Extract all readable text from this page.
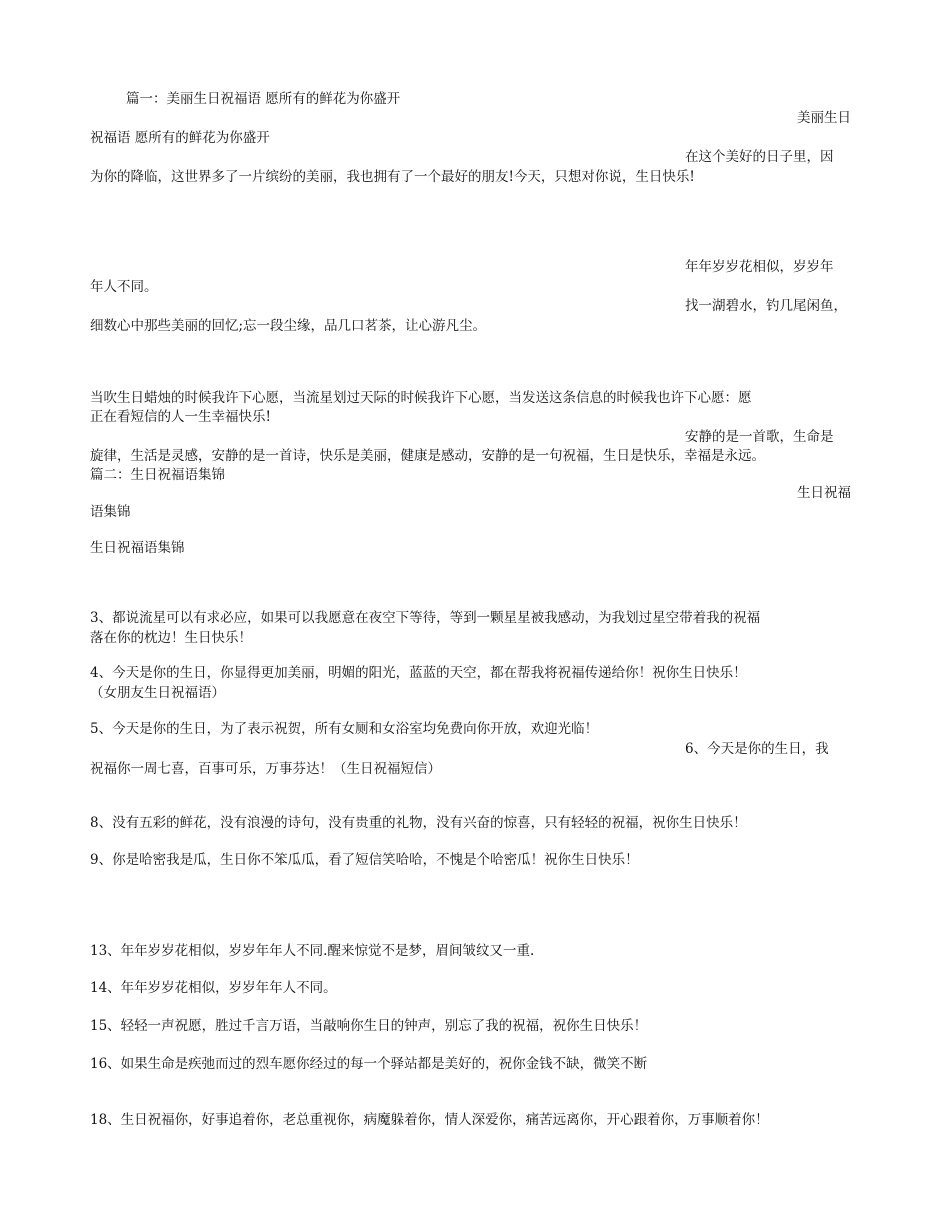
篇一：美丽生日祝福语 愿所有的鲜花为你盛开
美丽生日
祝福语 愿所有的鲜花为你盛开
在这个美好的日子里，因
为你的降临，这世界多了一片缤纷的美丽，我也拥有了一个最好的朋友!今天，只想对你说，生日快乐!
年年岁岁花相似，岁岁年
年人不同。
找一湖碧水，钓几尾闲鱼，
细数心中那些美丽的回忆;忘一段尘缘，品几口茗茶，让心游凡尘。
当吹生日蜡烛的时候我许下心愿，当流星划过天际的时候我许下心愿，当发送这条信息的时候我也许下心愿：愿
正在看短信的人一生幸福快乐!
安静的是一首歌，生命是
旋律，生活是灵感，安静的是一首诗，快乐是美丽，健康是感动，安静的是一句祝福，生日是快乐，幸福是永远。
篇二：生日祝福语集锦
生日祝福
语集锦
生日祝福语集锦
3、都说流星可以有求必应，如果可以我愿意在夜空下等待，等到一颗星星被我感动，为我划过星空带着我的祝福
落在你的枕边！生日快乐！
4、今天是你的生日，你显得更加美丽，明媚的阳光，蓝蓝的天空，都在帮我将祝福传递给你！祝你生日快乐！
（女朋友生日祝福语）
5、今天是你的生日，为了表示祝贺，所有女厕和女浴室均免费向你开放，欢迎光临！
6、今天是你的生日，我
祝福你一周七喜，百事可乐，万事芬达！（生日祝福短信）
8、没有五彩的鲜花，没有浪漫的诗句，没有贵重的礼物，没有兴奋的惊喜，只有轻轻的祝福，祝你生日快乐！
9、你是哈密我是瓜，生日你不笨瓜瓜，看了短信笑哈哈，不愧是个哈密瓜！祝你生日快乐！
13、年年岁岁花相似，岁岁年年人不同.醒来惊觉不是梦，眉间皱纹又一重.
14、年年岁岁花相似，岁岁年年人不同。
15、轻轻一声祝愿，胜过千言万语，当敲响你生日的钟声，别忘了我的祝福，祝你生日快乐！
16、如果生命是疾弛而过的烈车愿你经过的每一个驿站都是美好的，祝你金钱不缺，微笑不断
18、生日祝福你，好事追着你，老总重视你，病魔躲着你，情人深爱你，痛苦远离你，开心跟着你，万事顺着你！
